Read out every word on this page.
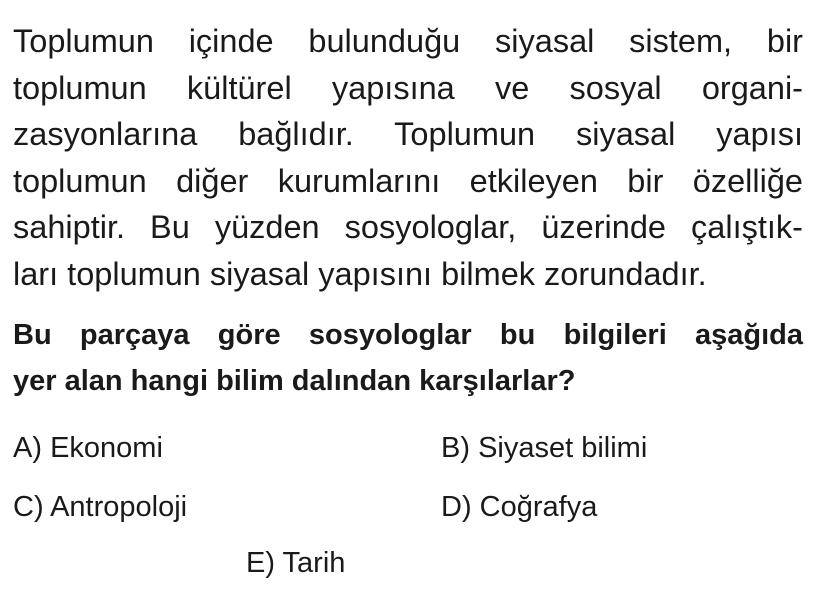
Toplumun içinde bulunduğu siyasal sistem, bir
toplumun kültürel yapısına ve sosyal organi-
zasyonlarına bağlıdır. Toplumun siyasal yapısı
toplumun diğer kurumlarını etkileyen bir özelliğe
sahiptir. Bu yüzden sosyologlar, üzerinde çalıştık-
ları toplumun siyasal yapısını bilmek zorundadır.
Bu parçaya göre sosyologlar bu bilgileri aşağıda
yer alan hangi bilim dalından karşılarlar?
A ) Ekonomi	B ) Siyaset bilimi
C ) Antropoloji	D ) Coğrafya
E ) Tarih
